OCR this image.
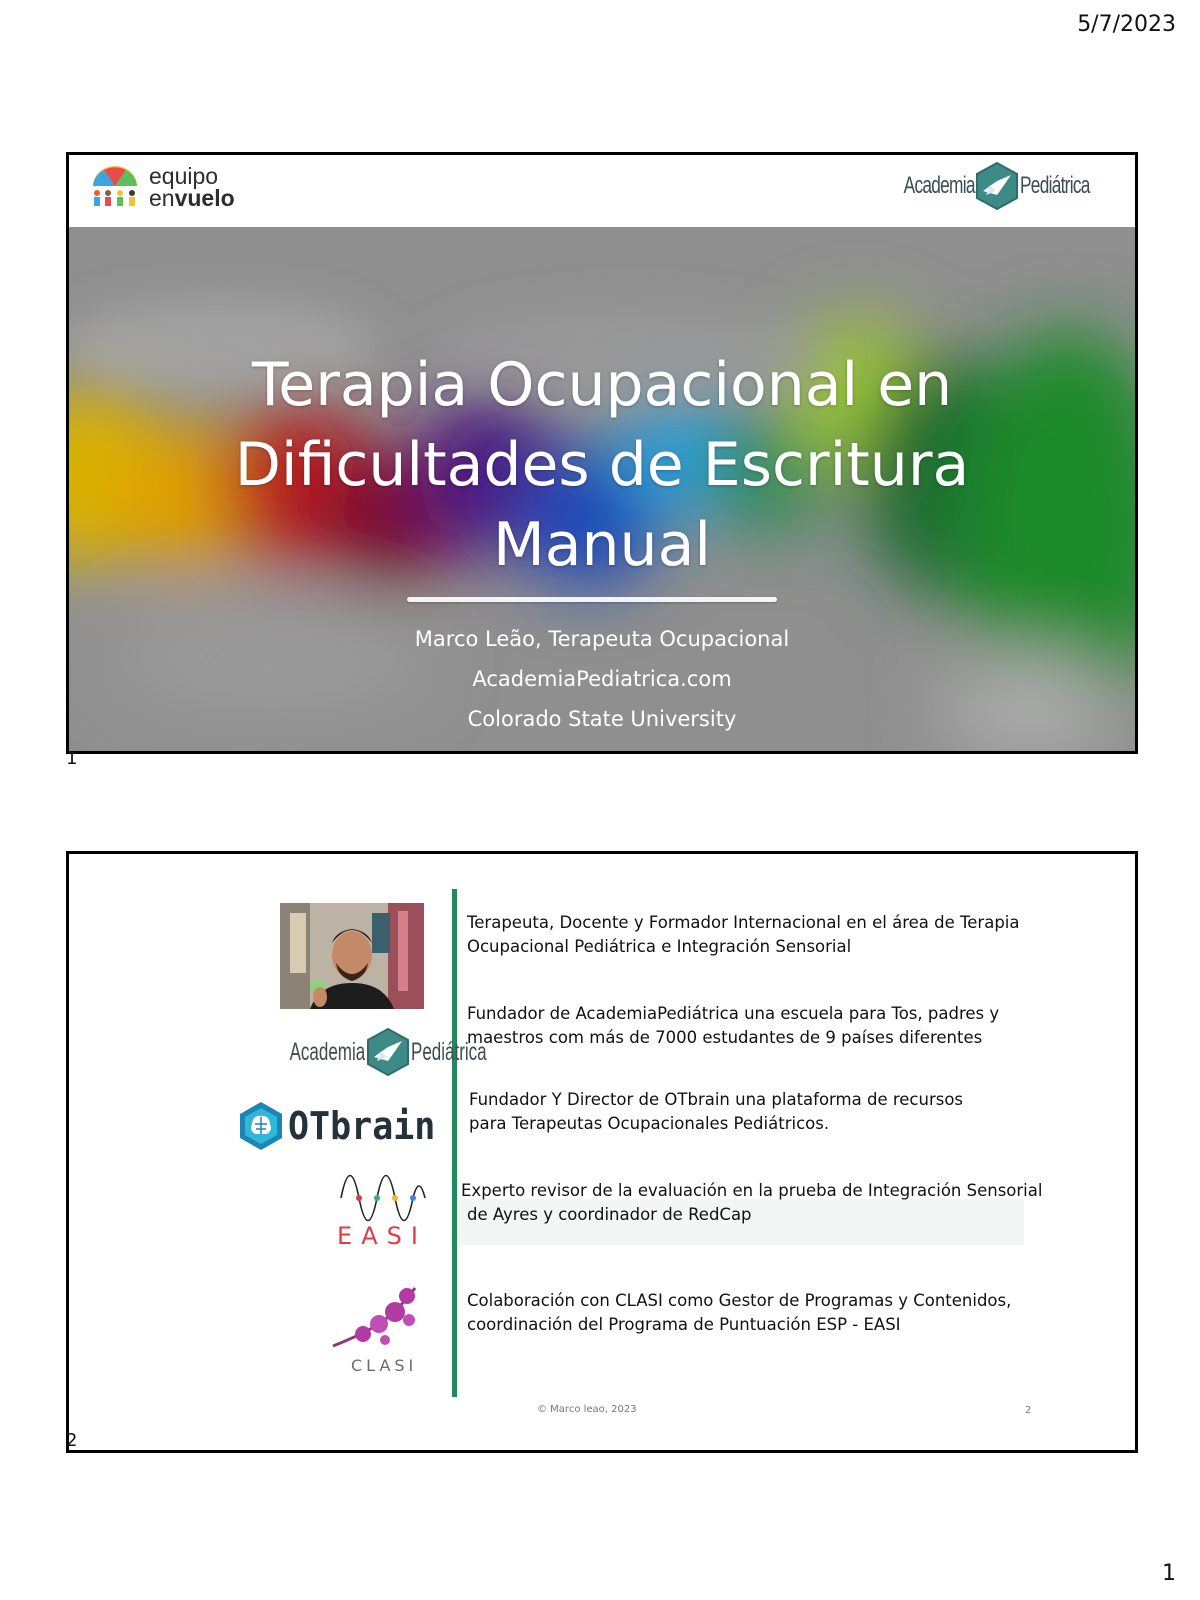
5/7/2023
equipo
envuelo	Academia Pediátrica
Terapia Ocupacional en
Dificultades de Escritura
Manual
Marco Leão, Terapeuta Ocupacional
AcademiaPediatrica.com
Colorado State University
1
Academia Pediátrica
OTbrain
EASI
CLASI
Terapeuta, Docente y Formador Internacional en el área de Terapia
Ocupacional Pediátrica e Integración Sensorial
Fundador de AcademiaPediátrica una escuela para Tos, padres y
maestros com más de 7000 estudantes de 9 países diferentes
Fundador Y Director de OTbrain una plataforma de recursos
para Terapeutas Ocupacionales Pediátricos.
Experto revisor de la evaluación en la prueba de Integración Sensorial
de Ayres y coordinador de RedCap
Colaboración con CLASI como Gestor de Programas y Contenidos,
coordinación del Programa de Puntuación ESP - EASI
© Marco leao, 2023	2
2
1
